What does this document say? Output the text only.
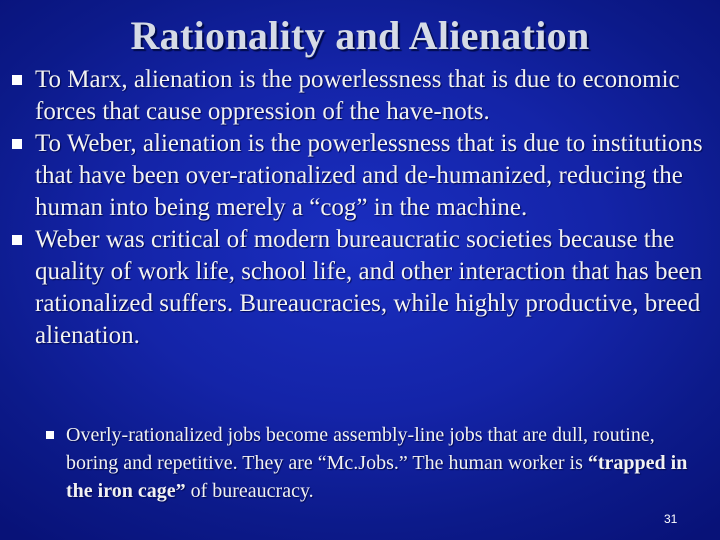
Rationality and Alienation
To Marx, alienation is the powerlessness that is due to economic forces that cause oppression of the have-nots.
To Weber, alienation is the powerlessness that is due to institutions that have been over-rationalized and de-humanized, reducing the human into being merely a “cog” in the machine.
Weber was critical of modern bureaucratic societies because the quality of work life, school life, and other interaction that has been rationalized suffers. Bureaucracies, while highly productive, breed alienation.
Overly-rationalized jobs become assembly-line jobs that are dull, routine, boring and repetitive. They are “Mc.Jobs.” The human worker is “trapped in the iron cage” of bureaucracy.
31
